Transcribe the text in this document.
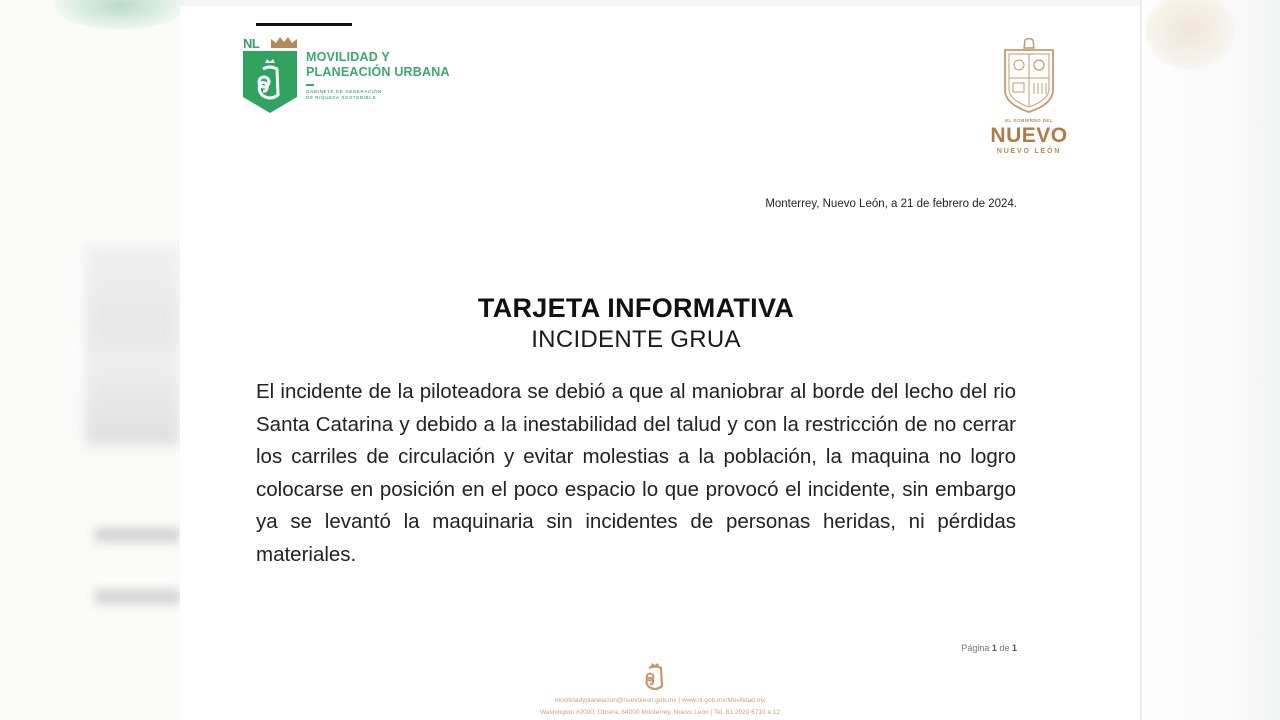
NL
MOVILIDAD Y
PLANEACIÓN URBANA
GABINETE DE GENERACIÓN
DE RIQUEZA SOSTENIBLE
EL GOBIERNO DEL
NUEVO
NUEVO LEÓN
Monterrey, Nuevo León, a 21 de febrero de 2024.
TARJETA INFORMATIVA
INCIDENTE GRUA

El incidente de la piloteadora se debió a que al maniobrar al borde del lecho del rio Santa Catarina y debido a la inestabilidad del talud y con la restricción de no cerrar los carriles de circulación y evitar molestias a la población, la maquina no logro colocarse en posición en el poco espacio lo que provocó el incidente, sin embargo ya se levantó la maquinaria sin incidentes de personas heridas, ni pérdidas materiales.

Página 1 de 1
movilidadyplaneacion@nuevoleon.gob.mx | www.nl.gob.mx/Movilidad.mx
Washington #2000, Obrera, 64000 Monterrey, Nuevo León | Tel. 81 2020 6710 a 12
